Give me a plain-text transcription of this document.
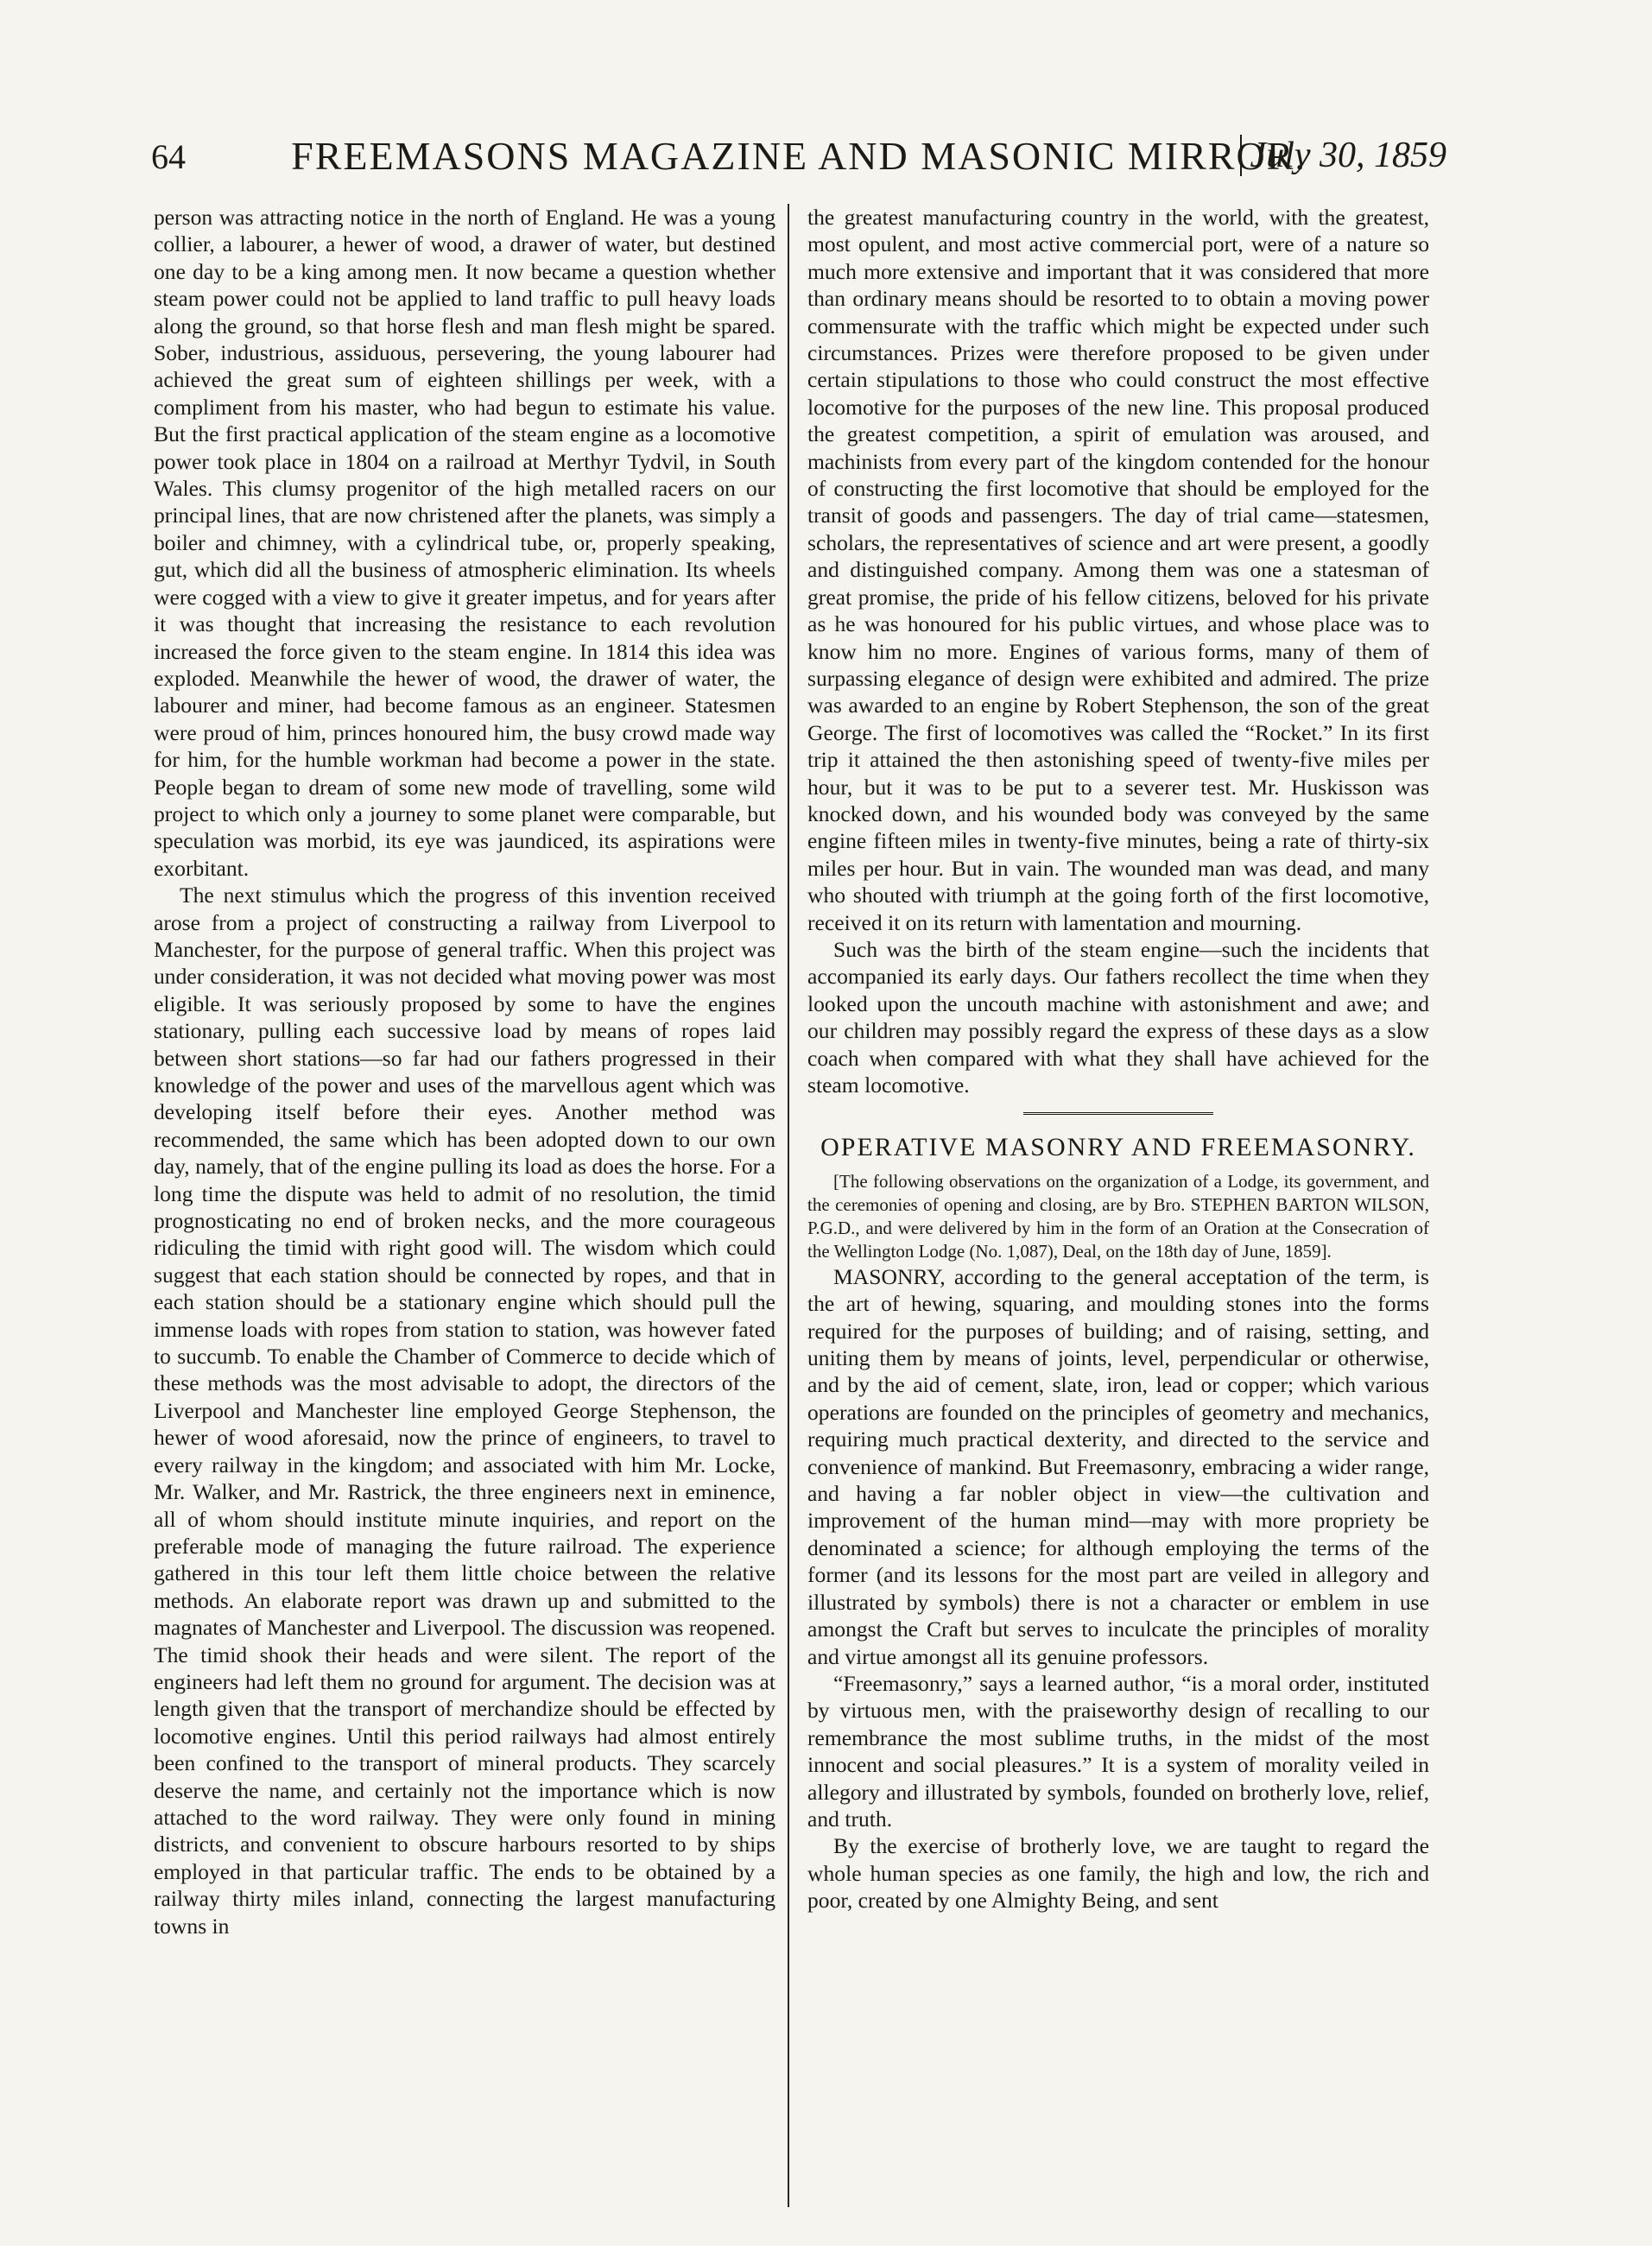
64	FREEMASONS MAGAZINE AND MASONIC MIRROR.
July 30, 1859

person was attracting notice in the north of England. He was a young collier, a labourer, a hewer of wood, a drawer of water, but destined one day to be a king among men. It now became a question whether steam power could not be applied to land traffic to pull heavy loads along the ground, so that horse flesh and man flesh might be spared. Sober, industrious, assiduous, persevering, the young labourer had achieved the great sum of eighteen shillings per week, with a compliment from his master, who had begun to estimate his value. But the first practical application of the steam engine as a locomotive power took place in 1804 on a railroad at Merthyr Tydvil, in South Wales. This clumsy progenitor of the high metalled racers on our principal lines, that are now christened after the planets, was simply a boiler and chimney, with a cylindrical tube, or, properly speaking, gut, which did all the business of atmospheric elimination. Its wheels were cogged with a view to give it greater impetus, and for years after it was thought that increasing the resistance to each revolution increased the force given to the steam engine. In 1814 this idea was exploded. Meanwhile the hewer of wood, the drawer of water, the labourer and miner, had become famous as an engineer. Statesmen were proud of him, princes honoured him, the busy crowd made way for him, for the humble workman had become a power in the state. People began to dream of some new mode of travelling, some wild project to which only a journey to some planet were comparable, but speculation was morbid, its eye was jaundiced, its aspirations were exorbitant.

The next stimulus which the progress of this invention received arose from a project of constructing a railway from Liverpool to Manchester, for the purpose of general traffic. When this project was under consideration, it was not decided what moving power was most eligible. It was seriously proposed by some to have the engines stationary, pulling each successive load by means of ropes laid between short stations—so far had our fathers progressed in their knowledge of the power and uses of the marvellous agent which was developing itself before their eyes. Another method was recommended, the same which has been adopted down to our own day, namely, that of the engine pulling its load as does the horse. For a long time the dispute was held to admit of no resolution, the timid prognosticating no end of broken necks, and the more courageous ridiculing the timid with right good will. The wisdom which could suggest that each station should be connected by ropes, and that in each station should be a stationary engine which should pull the immense loads with ropes from station to station, was however fated to succumb. To enable the Chamber of Commerce to decide which of these methods was the most advisable to adopt, the directors of the Liverpool and Manchester line employed George Stephenson, the hewer of wood aforesaid, now the prince of engineers, to travel to every railway in the kingdom; and associated with him Mr. Locke, Mr. Walker, and Mr. Rastrick, the three engineers next in eminence, all of whom should institute minute inquiries, and report on the preferable mode of managing the future railroad. The experience gathered in this tour left them little choice between the relative methods. An elaborate report was drawn up and submitted to the magnates of Manchester and Liverpool. The discussion was reopened. The timid shook their heads and were silent. The report of the engineers had left them no ground for argument. The decision was at length given that the transport of merchandize should be effected by locomotive engines. Until this period railways had almost entirely been confined to the transport of mineral products. They scarcely deserve the name, and certainly not the importance which is now attached to the word railway. They were only found in mining districts, and convenient to obscure harbours resorted to by ships employed in that particular traffic. The ends to be obtained by a railway thirty miles inland, connecting the largest manufacturing towns in

the greatest manufacturing country in the world, with the greatest, most opulent, and most active commercial port, were of a nature so much more extensive and important that it was considered that more than ordinary means should be resorted to to obtain a moving power commensurate with the traffic which might be expected under such circumstances. Prizes were therefore proposed to be given under certain stipulations to those who could construct the most effective locomotive for the purposes of the new line. This proposal produced the greatest competition, a spirit of emulation was aroused, and machinists from every part of the kingdom contended for the honour of constructing the first locomotive that should be employed for the transit of goods and passengers. The day of trial came—statesmen, scholars, the representatives of science and art were present, a goodly and distinguished company. Among them was one a statesman of great promise, the pride of his fellow citizens, beloved for his private as he was honoured for his public virtues, and whose place was to know him no more. Engines of various forms, many of them of surpassing elegance of design were exhibited and admired. The prize was awarded to an engine by Robert Stephenson, the son of the great George. The first of locomotives was called the “Rocket.” In its first trip it attained the then astonishing speed of twenty-five miles per hour, but it was to be put to a severer test. Mr. Huskisson was knocked down, and his wounded body was conveyed by the same engine fifteen miles in twenty-five minutes, being a rate of thirty-six miles per hour. But in vain. The wounded man was dead, and many who shouted with triumph at the going forth of the first locomotive, received it on its return with lamentation and mourning.

Such was the birth of the steam engine—such the incidents that accompanied its early days. Our fathers recollect the time when they looked upon the uncouth machine with astonishment and awe; and our children may possibly regard the express of these days as a slow coach when compared with what they shall have achieved for the steam locomotive.

OPERATIVE MASONRY AND FREEMASONRY.

[The following observations on the organization of a Lodge, its government, and the ceremonies of opening and closing, are by Bro. STEPHEN BARTON WILSON, P.G.D., and were delivered by him in the form of an Oration at the Consecration of the Wellington Lodge (No. 1,087), Deal, on the 18th day of June, 1859].

MASONRY, according to the general acceptation of the term, is the art of hewing, squaring, and moulding stones into the forms required for the purposes of building; and of raising, setting, and uniting them by means of joints, level, perpendicular or otherwise, and by the aid of cement, slate, iron, lead or copper; which various operations are founded on the principles of geometry and mechanics, requiring much practical dexterity, and directed to the service and convenience of mankind. But Freemasonry, embracing a wider range, and having a far nobler object in view—the cultivation and improvement of the human mind—may with more propriety be denominated a science; for although employing the terms of the former (and its lessons for the most part are veiled in allegory and illustrated by symbols) there is not a character or emblem in use amongst the Craft but serves to inculcate the principles of morality and virtue amongst all its genuine professors.

“Freemasonry,” says a learned author, “is a moral order, instituted by virtuous men, with the praiseworthy design of recalling to our remembrance the most sublime truths, in the midst of the most innocent and social pleasures.” It is a system of morality veiled in allegory and illustrated by symbols, founded on brotherly love, relief, and truth.

By the exercise of brotherly love, we are taught to regard the whole human species as one family, the high and low, the rich and poor, created by one Almighty Being, and sent
